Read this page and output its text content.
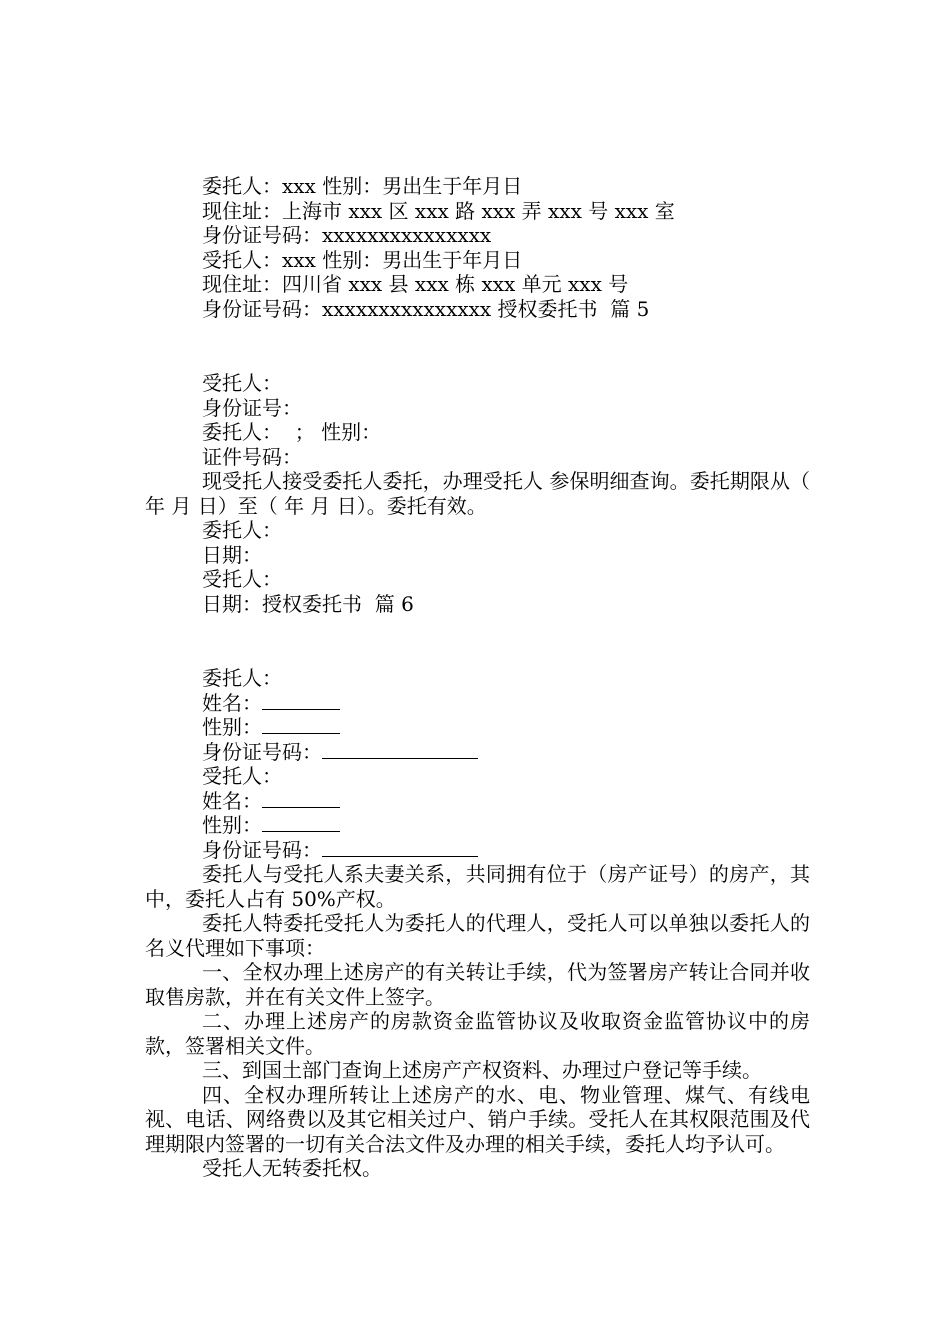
委托人：xxx 性别：男出生于年月日
现住址：上海市 xxx 区 xxx 路 xxx 弄 xxx 号 xxx 室
身份证号码：xxxxxxxxxxxxxxx
受托人：xxx 性别：男出生于年月日
现住址：四川省 xxx 县 xxx 栋 xxx 单元 xxx 号
身份证号码：xxxxxxxxxxxxxxx 授权委托书  篇 5
受托人：
身份证号：
委托人：  ； 性别：
证件号码：

现受托人接受委托人委托，办理受托人 参保明细查询。委托期限从（ 年 月 日）至（ 年 月 日）。委托有效。

委托人：
日期：
受托人：
日期：授权委托书  篇 6
委托人：
姓名：
性别：
身份证号码：
受托人：
姓名：
性别：
身份证号码：

委托人与受托人系夫妻关系，共同拥有位于（房产证号）的房产，其中，委托人占有 50%产权。

委托人特委托受托人为委托人的代理人，受托人可以单独以委托人的名义代理如下事项：

一、全权办理上述房产的有关转让手续，代为签署房产转让合同并收取售房款，并在有关文件上签字。

二、办理上述房产的房款资金监管协议及收取资金监管协议中的房款，签署相关文件。

三、到国土部门查询上述房产产权资料、办理过户登记等手续。

四、全权办理所转让上述房产的水、电、物业管理、煤气、有线电视、电话、网络费以及其它相关过户、销户手续。受托人在其权限范围及代理期限内签署的一切有关合法文件及办理的相关手续，委托人均予认可。

受托人无转委托权。
